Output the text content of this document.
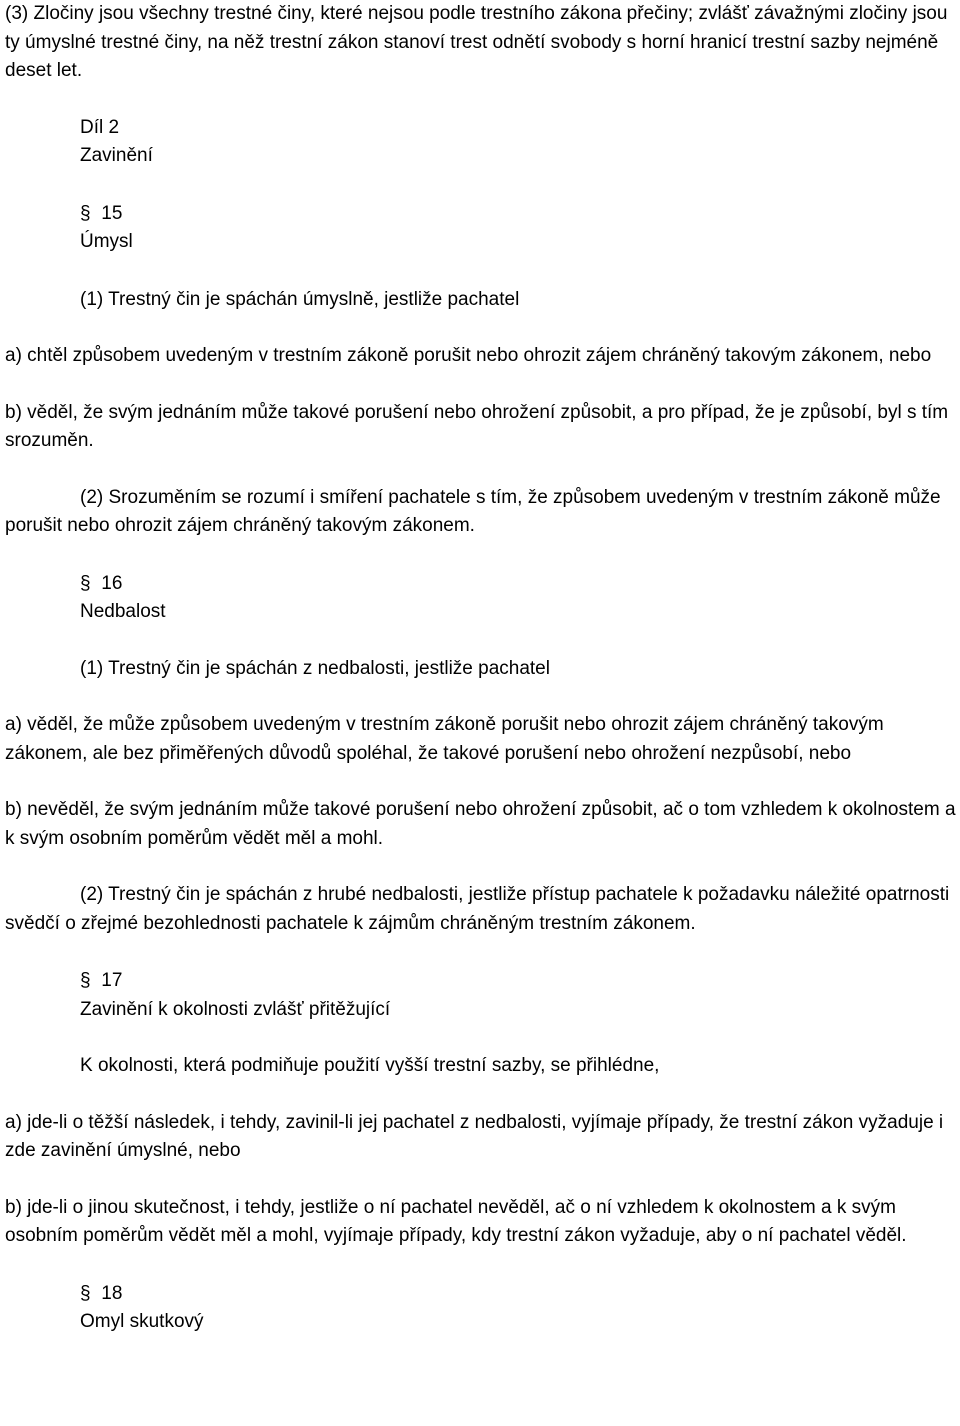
(3) Zločiny jsou všechny trestné činy, které nejsou podle trestního zákona přečiny; zvlášť závažnými zločiny jsou ty úmyslné trestné činy, na něž trestní zákon stanoví trest odnětí svobody s horní hranicí trestní sazby nejméně deset let.

Díl 2

Zavinění

§ 15

Úmysl

(1) Trestný čin je spáchán úmyslně, jestliže pachatel

a) chtěl způsobem uvedeným v trestním zákoně porušit nebo ohrozit zájem chráněný takovým zákonem, nebo

b) věděl, že svým jednáním může takové porušení nebo ohrožení způsobit, a pro případ, že je způsobí, byl s tím srozuměn.

(2) Srozuměním se rozumí i smíření pachatele s tím, že způsobem uvedeným v trestním zákoně může porušit nebo ohrozit zájem chráněný takovým zákonem.

§ 16

Nedbalost

(1) Trestný čin je spáchán z nedbalosti, jestliže pachatel

a) věděl, že může způsobem uvedeným v trestním zákoně porušit nebo ohrozit zájem chráněný takovým zákonem, ale bez přiměřených důvodů spoléhal, že takové porušení nebo ohrožení nezpůsobí, nebo

b) nevěděl, že svým jednáním může takové porušení nebo ohrožení způsobit, ač o tom vzhledem k okolnostem a k svým osobním poměrům vědět měl a mohl.

(2) Trestný čin je spáchán z hrubé nedbalosti, jestliže přístup pachatele k požadavku náležité opatrnosti svědčí o zřejmé bezohlednosti pachatele k zájmům chráněným trestním zákonem.

§ 17

Zavinění k okolnosti zvlášť přitěžující

K okolnosti, která podmiňuje použití vyšší trestní sazby, se přihlédne,

a) jde-li o těžší následek, i tehdy, zavinil-li jej pachatel z nedbalosti, vyjímaje případy, že trestní zákon vyžaduje i zde zavinění úmyslné, nebo

b) jde-li o jinou skutečnost, i tehdy, jestliže o ní pachatel nevěděl, ač o ní vzhledem k okolnostem a k svým osobním poměrům vědět měl a mohl, vyjímaje případy, kdy trestní zákon vyžaduje, aby o ní pachatel věděl.

§ 18

Omyl skutkový
